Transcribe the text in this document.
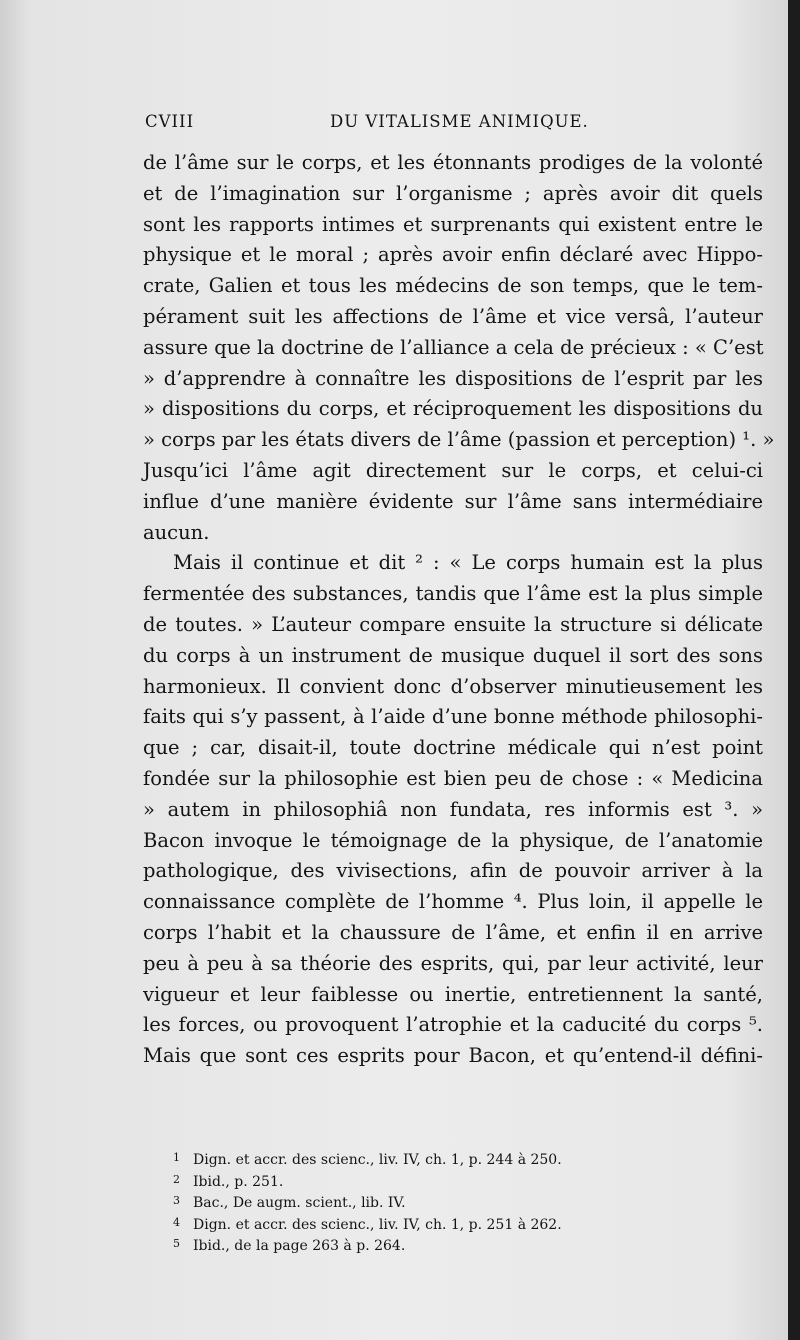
CVIII	DU VITALISME ANIMIQUE.
de l’âme sur le corps, et les étonnants prodiges de la volonté
et de l’imagination sur l’organisme ; après avoir dit quels
sont les rapports intimes et surprenants qui existent entre le
physique et le moral ; après avoir enfin déclaré avec Hippo-
crate, Galien et tous les médecins de son temps, que le tem-
pérament suit les affections de l’âme et vice versâ, l’auteur
assure que la doctrine de l’alliance a cela de précieux : « C’est
» d’apprendre à connaître les dispositions de l’esprit par les
» dispositions du corps, et réciproquement les dispositions du
» corps par les états divers de l’âme (passion et perception) ¹. »
Jusqu’ici l’âme agit directement sur le corps, et celui-ci
influe d’une manière évidente sur l’âme sans intermédiaire
aucun.
Mais il continue et dit ² : « Le corps humain est la plus
fermentée des substances, tandis que l’âme est la plus simple
de toutes. » L’auteur compare ensuite la structure si délicate
du corps à un instrument de musique duquel il sort des sons
harmonieux. Il convient donc d’observer minutieusement les
faits qui s’y passent, à l’aide d’une bonne méthode philosophi-
que ; car, disait-il, toute doctrine médicale qui n’est point
fondée sur la philosophie est bien peu de chose : « Medicina
» autem in philosophiâ non fundata, res informis est ³. »
Bacon invoque le témoignage de la physique, de l’anatomie
pathologique, des vivisections, afin de pouvoir arriver à la
connaissance complète de l’homme ⁴. Plus loin, il appelle le
corps l’habit et la chaussure de l’âme, et enfin il en arrive
peu à peu à sa théorie des esprits, qui, par leur activité, leur
vigueur et leur faiblesse ou inertie, entretiennent la santé,
les forces, ou provoquent l’atrophie et la caducité du corps ⁵.
Mais que sont ces esprits pour Bacon, et qu’entend-il défini-
1 Dign. et accr. des scienc., liv. IV, ch. 1, p. 244 à 250.
2 Ibid., p. 251.
3 Bac., De augm. scient., lib. IV.
4 Dign. et accr. des scienc., liv. IV, ch. 1, p. 251 à 262.
5 Ibid., de la page 263 à p. 264.
